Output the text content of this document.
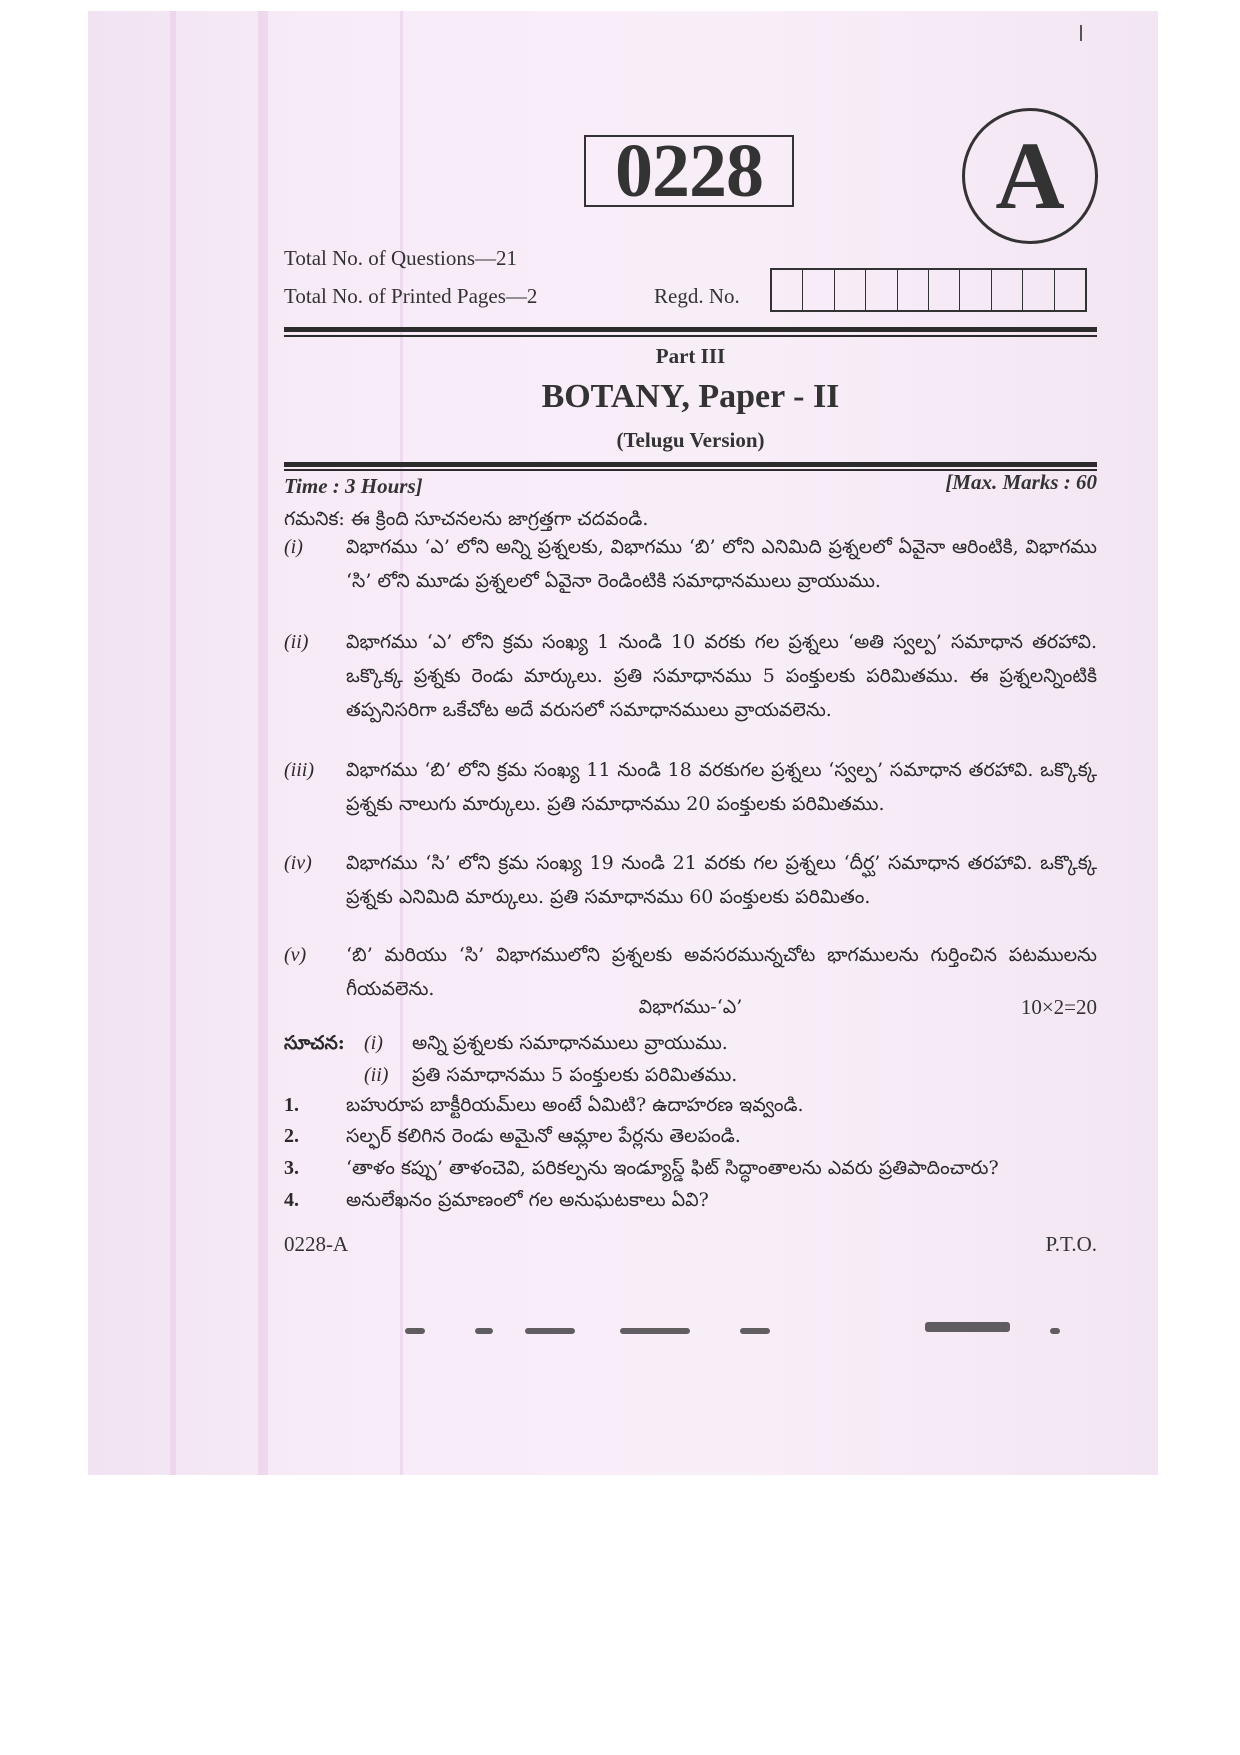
0228	A
Total No. of Questions—21
Total No. of Printed Pages—2	Regd. No.
Part III
BOTANY, Paper - II
(Telugu Version)
Time : 3 Hours]	[Max. Marks : 60
గమనిక: ఈ క్రింది సూచనలను జాగ్రత్తగా చదవండి.
(i) విభాగము ‘ఎ’ లోని అన్ని ప్రశ్నలకు, విభాగము ‘బి’ లోని ఎనిమిది ప్రశ్నలలో ఏవైనా ఆరింటికి, విభాగము ‘సి’ లోని మూడు ప్రశ్నలలో ఏవైనా రెండింటికి సమాధానములు వ్రాయుము.
(ii) విభాగము ‘ఎ’ లోని క్రమ సంఖ్య 1 నుండి 10 వరకు గల ప్రశ్నలు ‘అతి స్వల్ప’ సమాధాన తరహావి. ఒక్కొక్క ప్రశ్నకు రెండు మార్కులు. ప్రతి సమాధానము 5 పంక్తులకు పరిమితము. ఈ ప్రశ్నలన్నింటికి తప్పనిసరిగా ఒకేచోట అదే వరుసలో సమాధానములు వ్రాయవలెను.
(iii) విభాగము ‘బి’ లోని క్రమ సంఖ్య 11 నుండి 18 వరకుగల ప్రశ్నలు ‘స్వల్ప’ సమాధాన తరహావి. ఒక్కొక్క ప్రశ్నకు నాలుగు మార్కులు. ప్రతి సమాధానము 20 పంక్తులకు పరిమితము.
(iv) విభాగము ‘సి’ లోని క్రమ సంఖ్య 19 నుండి 21 వరకు గల ప్రశ్నలు ‘దీర్ఘ’ సమాధాన తరహావి. ఒక్కొక్క ప్రశ్నకు ఎనిమిది మార్కులు. ప్రతి సమాధానము 60 పంక్తులకు పరిమితం.
(v) ‘బి’ మరియు ‘సి’ విభాగములోని ప్రశ్నలకు అవసరమున్నచోట భాగములను గుర్తించిన పటములను గీయవలెను.
విభాగము-‘ఎ’	10×2=20
సూచన: (i) అన్ని ప్రశ్నలకు సమాధానములు వ్రాయుము.
(ii) ప్రతి సమాధానము 5 పంక్తులకు పరిమితము.
1. బహురూప బాక్టీరియమ్‌లు అంటే ఏమిటి? ఉదాహరణ ఇవ్వండి.
2. సల్ఫర్ కలిగిన రెండు అమైనో ఆమ్లాల పేర్లను తెలపండి.
3. ‘తాళం కప్పు’ తాళంచెవి, పరికల్పను ఇండ్యూస్డ్ ఫిట్ సిద్ధాంతాలను ఎవరు ప్రతిపాదించారు?
4. అనులేఖనం ప్రమాణంలో గల అనుఘటకాలు ఏవి?
0228-A	P.T.O.
